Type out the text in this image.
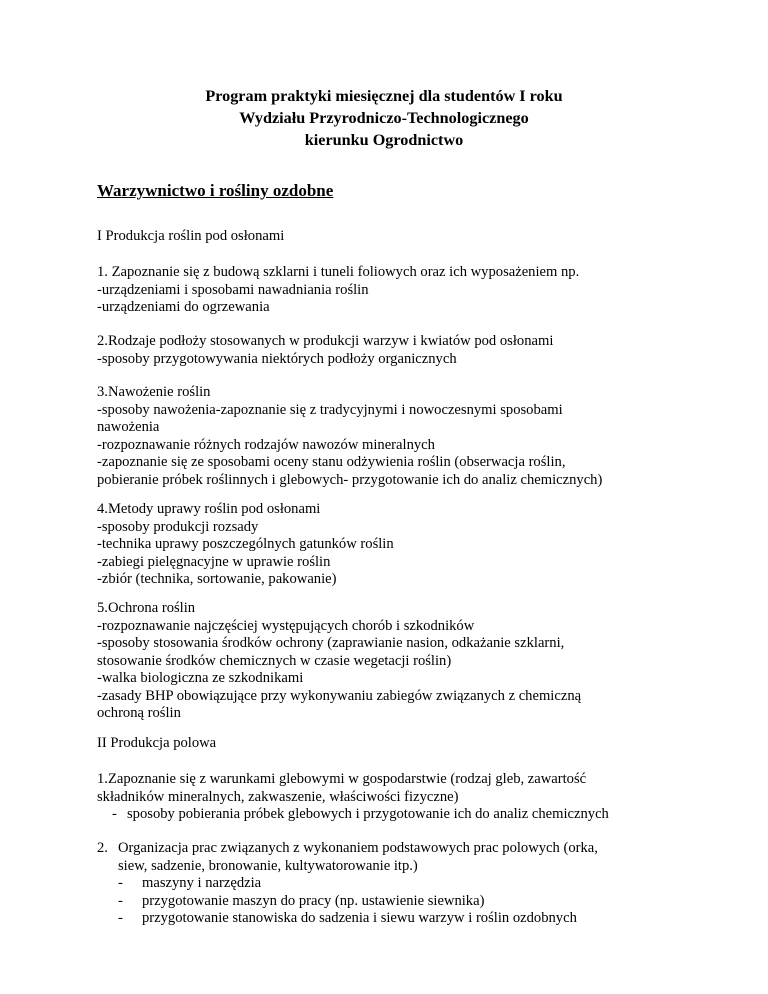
Program praktyki miesięcznej dla studentów I roku
Wydziału Przyrodniczo-Technologicznego
kierunku Ogrodnictwo
Warzywnictwo i rośliny ozdobne
I Produkcja roślin pod osłonami
1. Zapoznanie się z budową szklarni i tuneli foliowych oraz ich wyposażeniem np.
-urządzeniami i sposobami nawadniania roślin
-urządzeniami do ogrzewania
2.Rodzaje podłoży stosowanych w produkcji warzyw i kwiatów pod osłonami
-sposoby przygotowywania niektórych podłoży organicznych
3.Nawożenie roślin
-sposoby nawożenia-zapoznanie się z tradycyjnymi i nowoczesnymi sposobami
nawożenia
-rozpoznawanie różnych rodzajów nawozów mineralnych
-zapoznanie się ze sposobami oceny stanu odżywienia roślin (obserwacja roślin,
pobieranie próbek roślinnych i glebowych- przygotowanie ich do analiz chemicznych)
4.Metody uprawy roślin pod osłonami
-sposoby produkcji rozsady
-technika uprawy poszczególnych gatunków roślin
-zabiegi pielęgnacyjne w uprawie roślin
-zbiór (technika, sortowanie, pakowanie)
5.Ochrona roślin
-rozpoznawanie najczęściej występujących chorób i szkodników
-sposoby stosowania środków ochrony (zaprawianie nasion, odkażanie szklarni,
stosowanie środków chemicznych w czasie wegetacji roślin)
-walka biologiczna ze szkodnikami
-zasady BHP obowiązujące przy wykonywaniu zabiegów związanych z chemiczną
ochroną roślin
II Produkcja polowa
1.Zapoznanie się z warunkami glebowymi w gospodarstwie (rodzaj gleb, zawartość
składników mineralnych, zakwaszenie, właściwości fizyczne)
- sposoby pobierania próbek glebowych i przygotowanie ich do analiz chemicznych
2. Organizacja prac związanych z wykonaniem podstawowych prac polowych (orka,
siew, sadzenie, bronowanie, kultywatorowanie itp.)
- maszyny i narzędzia
- przygotowanie maszyn do pracy (np. ustawienie siewnika)
- przygotowanie stanowiska do sadzenia i siewu warzyw i roślin ozdobnych
